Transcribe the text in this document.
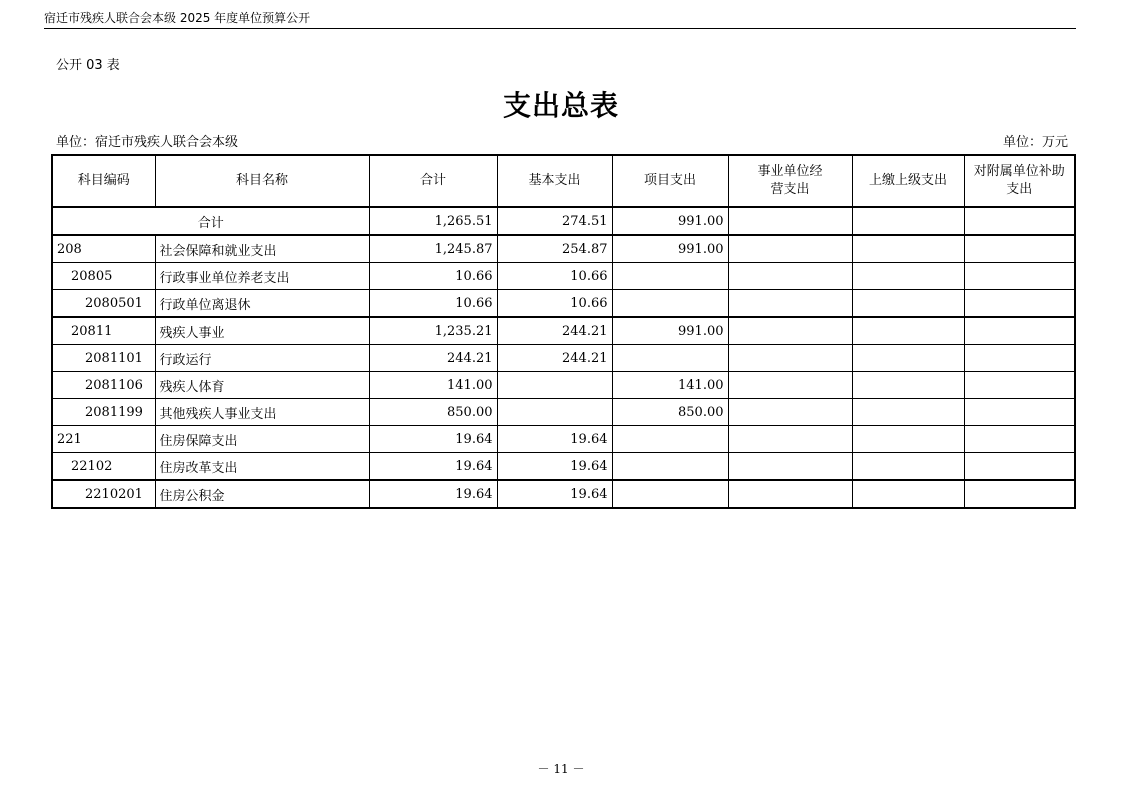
宿迁市残疾人联合会本级 2025 年度单位预算公开
公开 03 表
支出总表
单位：宿迁市残疾人联合会本级	单位：万元
科目编码	科目名称	合计	基本支出	项目支出	事业单位经营支出	上缴上级支出	对附属单位补助支出
合计		1,265.51	274.51	991.00			
208	社会保障和就业支出	1,245.87	254.87	991.00			
20805	行政事业单位养老支出	10.66	10.66				
2080501	行政单位离退休	10.66	10.66				
20811	残疾人事业	1,235.21	244.21	991.00			
2081101	行政运行	244.21	244.21				
2081106	残疾人体育	141.00		141.00			
2081199	其他残疾人事业支出	850.00		850.00			
221	住房保障支出	19.64	19.64				
22102	住房改革支出	19.64	19.64				
2210201	住房公积金	19.64	19.64				
－ 11 －
